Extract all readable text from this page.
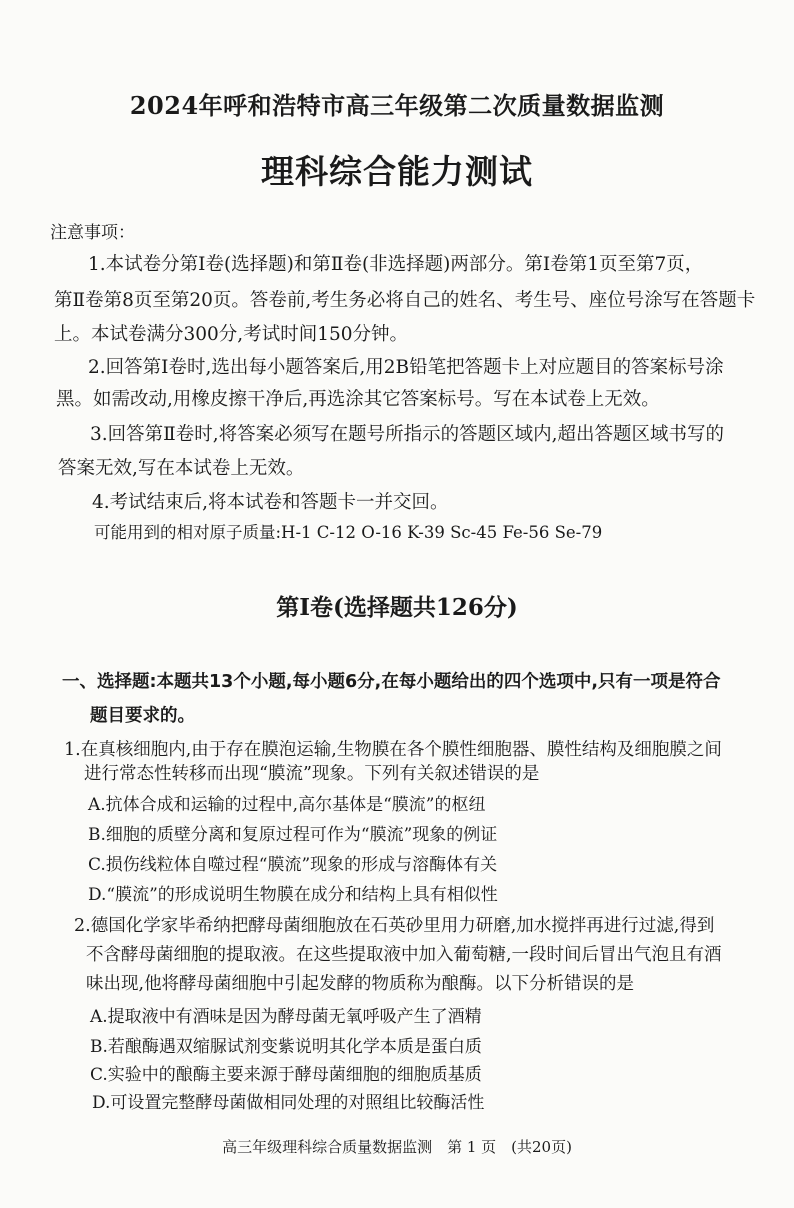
2024年呼和浩特市高三年级第二次质量数据监测
理科综合能力测试
注意事项：
1.本试卷分第Ⅰ卷(选择题)和第Ⅱ卷(非选择题)两部分。第Ⅰ卷第1页至第7页，
第Ⅱ卷第8页至第20页。答卷前,考生务必将自己的姓名、考生号、座位号涂写在答题卡
上。本试卷满分300分,考试时间150分钟。
2.回答第Ⅰ卷时,选出每小题答案后,用2B铅笔把答题卡上对应题目的答案标号涂
黑。如需改动,用橡皮擦干净后,再选涂其它答案标号。写在本试卷上无效。
3.回答第Ⅱ卷时,将答案必须写在题号所指示的答题区域内,超出答题区域书写的
答案无效,写在本试卷上无效。
4.考试结束后,将本试卷和答题卡一并交回。
可能用到的相对原子质量:H-1 C-12 O-16 K-39 Sc-45 Fe-56 Se-79
第Ⅰ卷(选择题共126分)
一、选择题:本题共13个小题,每小题6分,在每小题给出的四个选项中,只有一项是符合
题目要求的。
1.在真核细胞内,由于存在膜泡运输,生物膜在各个膜性细胞器、膜性结构及细胞膜之间
进行常态性转移而出现“膜流”现象。下列有关叙述错误的是
A.抗体合成和运输的过程中,高尔基体是“膜流”的枢纽
B.细胞的质壁分离和复原过程可作为“膜流”现象的例证
C.损伤线粒体自噬过程“膜流”现象的形成与溶酶体有关
D.“膜流”的形成说明生物膜在成分和结构上具有相似性
2.德国化学家毕希纳把酵母菌细胞放在石英砂里用力研磨,加水搅拌再进行过滤,得到
不含酵母菌细胞的提取液。在这些提取液中加入葡萄糖,一段时间后冒出气泡且有酒
味出现,他将酵母菌细胞中引起发酵的物质称为酿酶。以下分析错误的是
A.提取液中有酒味是因为酵母菌无氧呼吸产生了酒精
B.若酿酶遇双缩脲试剂变紫说明其化学本质是蛋白质
C.实验中的酿酶主要来源于酵母菌细胞的细胞质基质
D.可设置完整酵母菌做相同处理的对照组比较酶活性
高三年级理科综合质量数据监测　第 1 页　(共20页)
